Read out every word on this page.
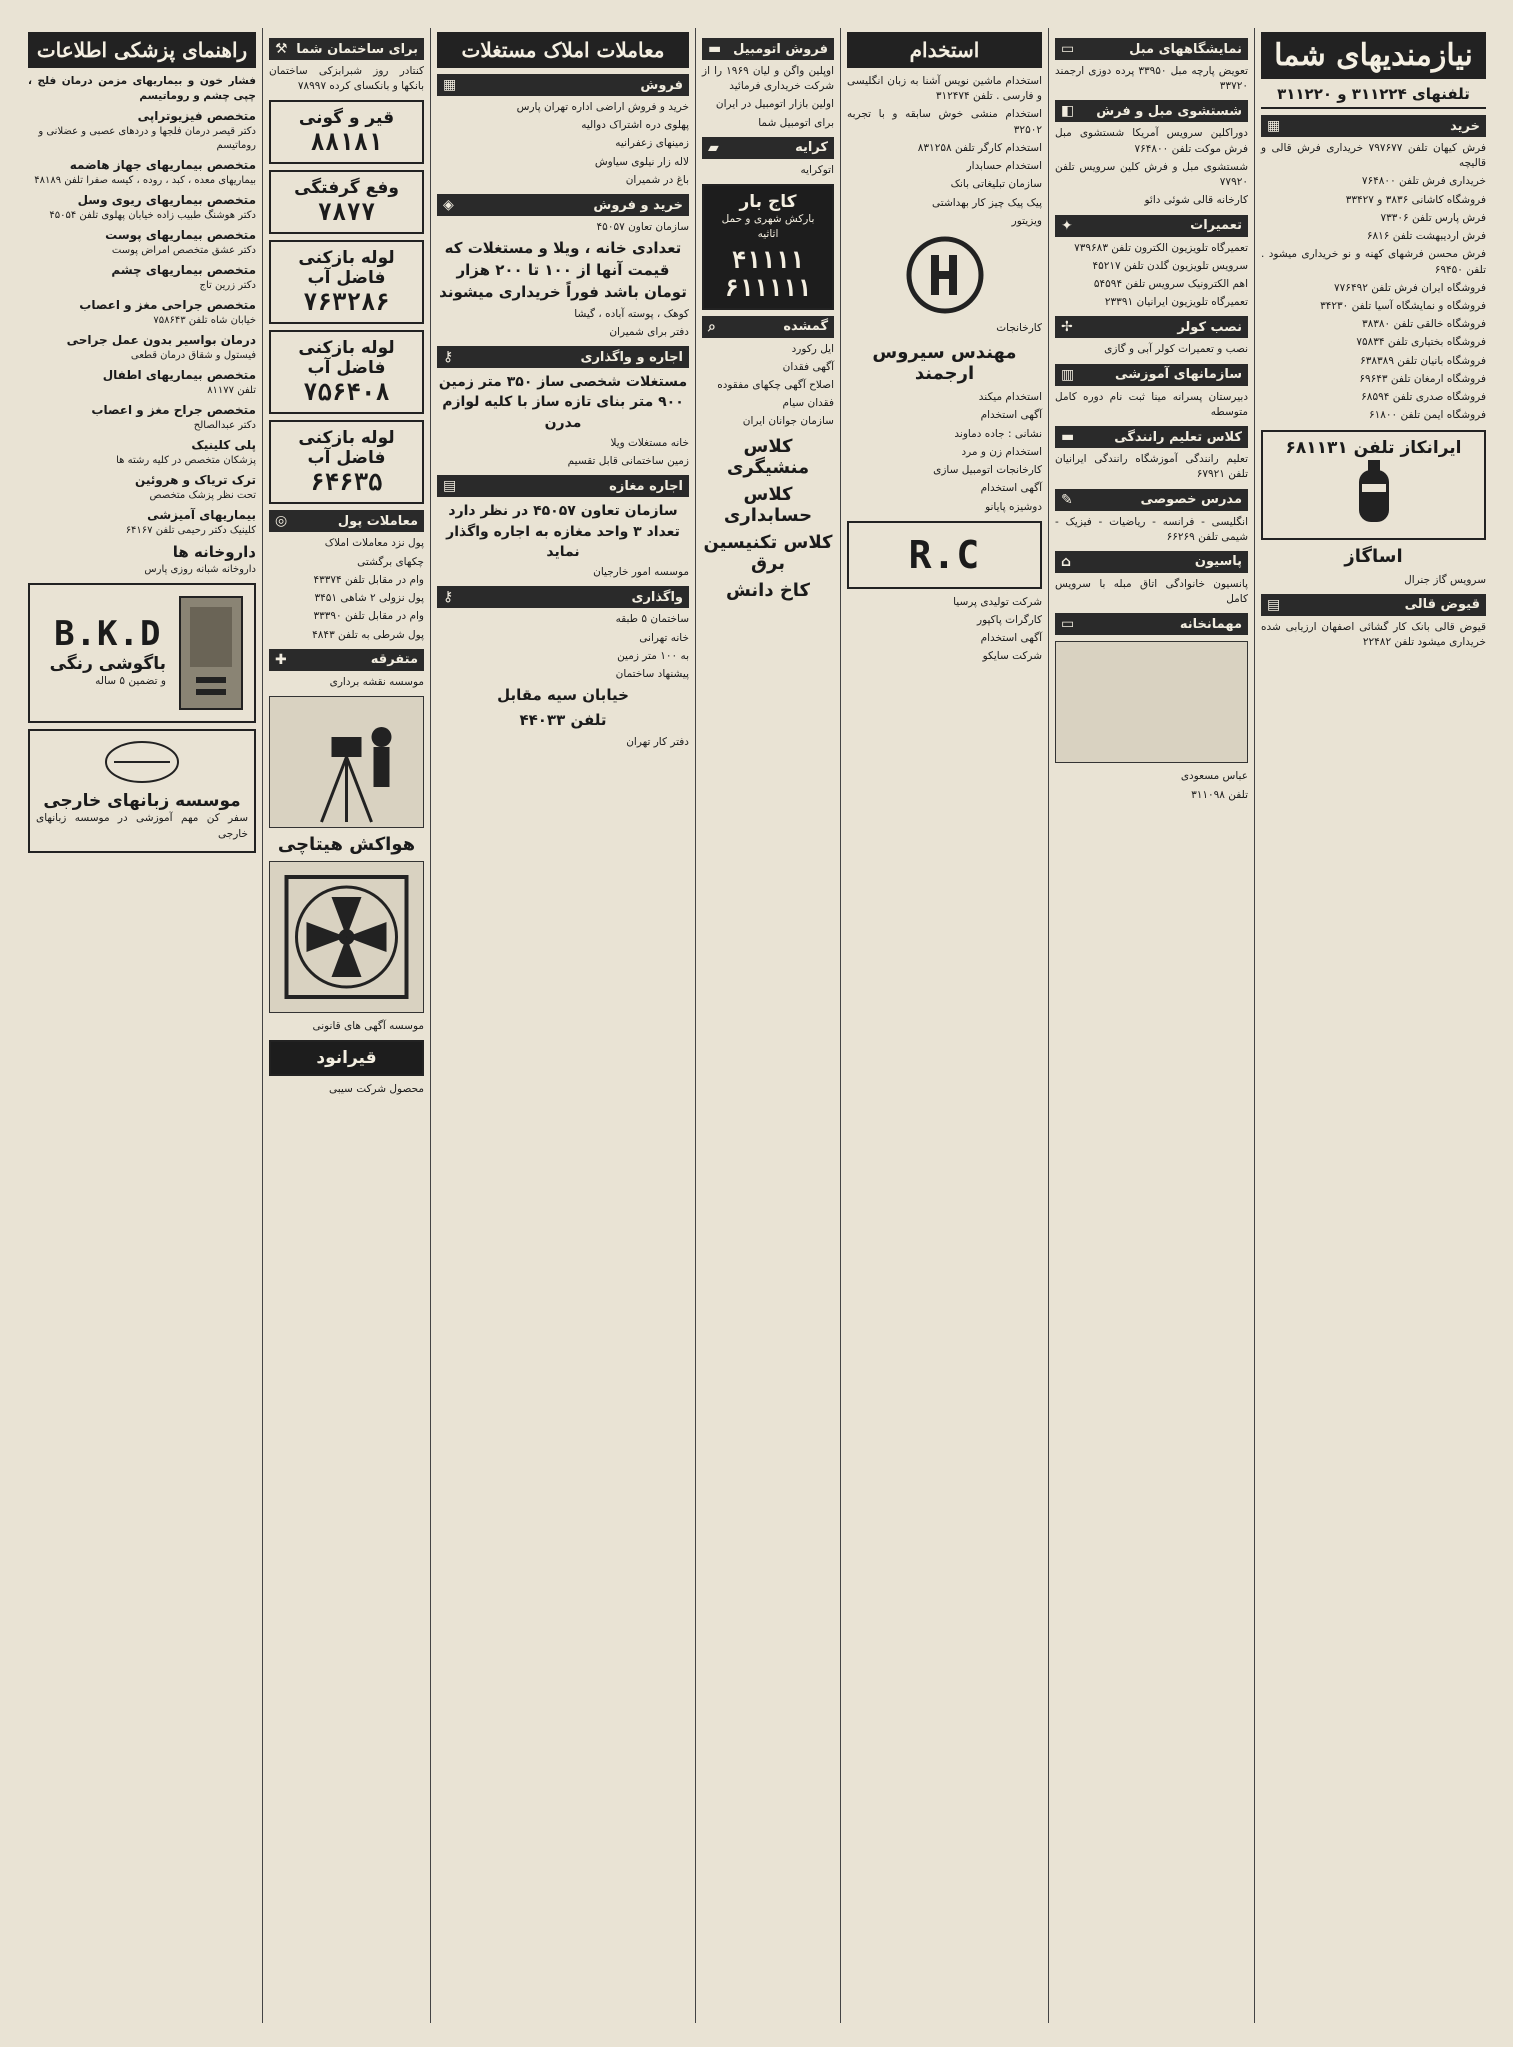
نیازمندیهای شما
تلفنهای ۳۱۱۲۲۴ و ۳۱۱۲۲۰
خرید
▦

فرش کیهان تلفن ۷۹۷۶۷۷ خریداری فرش قالی و قالیچه

خریداری فرش تلفن ۷۶۴۸۰۰

فروشگاه کاشانی ۳۸۳۶ و ۳۳۴۲۷

فرش پارس تلفن ۷۳۳۰۶

فرش اردیبهشت تلفن ۶۸۱۶

فرش محسن فرشهای کهنه و نو خریداری میشود . تلفن ۶۹۴۵۰

فروشگاه ایران فرش تلفن ۷۷۶۴۹۲

فروشگاه و نمایشگاه آسیا تلفن ۳۴۲۳۰

فروشگاه خالقی تلفن ۳۸۳۸۰

فروشگاه بختیاری تلفن ۷۵۸۳۴

فروشگاه بانیان تلفن ۶۳۸۳۸۹

فروشگاه ارمغان تلفن ۶۹۶۴۳

فروشگاه صدری تلفن ۶۸۵۹۴

فروشگاه ایمن تلفن ۶۱۸۰۰

ایرانکاز تلفن ۶۸۱۱۳۱
اساگاز

سرویس گاز جنرال

قیوض قالی
▤

قیوض قالی بانک کار گشائی اصفهان ارزیابی شده خریداری میشود تلفن ۲۲۴۸۲

نمایشگاههای مبل
▭

تعویض پارچه مبل ۳۳۹۵۰ پرده دوزی ارجمند ۳۳۷۲۰

شستشوی مبل و فرش
◧

دوراکلین سرویس آمریکا شستشوی مبل فرش موکت تلفن ۷۶۴۸۰۰

شستشوی مبل و فرش کلین سرویس تلفن ۷۷۹۲۰

کارخانه قالی شوئی دائو

تعمیرات
✦

تعمیرگاه تلویزیون الکترون تلفن ۷۳۹۶۸۳

سرویس تلویزیون گلدن تلفن ۴۵۲۱۷

اهم الکترونیک سرویس تلفن ۵۴۵۹۴

تعمیرگاه تلویزیون ایرانیان ۲۳۳۹۱

نصب کولر
✢

نصب و تعمیرات کولر آبی و گازی

سازمانهای آموزشی
▥

دبیرستان پسرانه مینا ثبت نام دوره کامل متوسطه

کلاس تعلیم رانندگی
▬

تعلیم رانندگی آموزشگاه رانندگی ایرانیان تلفن ۶۷۹۲۱

مدرس خصوصی
✎

انگلیسی - فرانسه - ریاضیات - فیزیک - شیمی تلفن ۶۶۲۶۹

پاسیون
⌂

پانسیون خانوادگی اتاق مبله با سرویس کامل

مهمانخانه
▭

عباس مسعودی

تلفن ۳۱۱۰۹۸

استخدام

استخدام ماشین نویس آشنا به زبان انگلیسی و فارسی . تلفن ۳۱۲۴۷۴

استخدام منشی خوش سابقه و با تجربه ۳۲۵۰۲

استخدام کارگر تلفن ۸۳۱۲۵۸

استخدام حسابدار

سازمان تبلیغاتی بانک

پیک پیک چیز کار بهداشتی

ویزیتور

کارخانجات

مهندس سیروس ارجمند

استخدام میکند

آگهی استخدام

نشانی : جاده دماوند

استخدام زن و مرد

کارخانجات اتومبیل سازی

آگهی استخدام

دوشیزه پایانو

R.C

شرکت تولیدی پرسیا

کارگرات پاکپور

آگهی استخدام

شرکت سایکو

فروش اتومبیل
▬

اوپلین واگن و لیان ۱۹۶۹ را از شرکت خریداری فرمائید

اولین بازار اتومبیل در ایران

برای اتومبیل شما

کرایه
▰

اتوکرایه

کاج بار
بارکش شهری و حمل اثاثیه
۴۱۱۱۱
۶۱۱۱۱۱
گمشده
⌕

ایل رکورد

آگهی فقدان

اصلاح آگهی چکهای مفقوده

فقدان سیام

سازمان جوانان ایران

کلاس منشیگری
کلاس حسابداری
کلاس تکنیسین برق
کاخ دانش
معاملات املاک مستغلات
فروش
▦

خرید و فروش اراضی اداره تهران پارس

پهلوی دره اشتراک دوالیه

زمینهای زعفرانیه

لاله زار نیلوی سیاوش

باغ در شمیران

خرید و فروش
◈

سازمان تعاون ۴۵۰۵۷

تعدادی خانه ، ویلا و مستغلات که قیمت آنها از ۱۰۰ تا ۲۰۰ هزار تومان باشد فوراً خریداری میشوند

کوهک ، پوسته آباده ، گیشا

دفتر برای شمیران

اجاره و واگذاری
⚷

مستغلات شخصی ساز ۳۵۰ متر زمین ۹۰۰ متر بنای تازه ساز با کلیه لوازم مدرن

خانه مستغلات ویلا

زمین ساختمانی قابل تقسیم

اجاره مغازه
▤

سازمان تعاون ۴۵۰۵۷ در نظر دارد تعداد ۳ واحد مغازه به اجاره واگذار نماید

موسسه امور خارجیان

واگذاری
⚷

ساختمان ۵ طبقه

خانه تهرانی

به ۱۰۰ متر زمین

پیشنهاد ساختمان

خیابان سیه مقابل

تلفن ۴۴۰۳۳

دفتر کار تهران

برای ساختمان شما
⚒

کنتادر روز شبرابزکی ساختمان بانکها و بانکسای کرده ۷۸۹۹۷

قیر و گونی
۸۸۱۸۱
وفع گرفتگی
۷۸۷۷
لوله بازکنی فاضل آب
۷۶۳۲۸۶
لوله بازکنی فاضل آب
۷۵۶۴۰۸
لوله بازکنی فاضل آب
۶۴۶۳۵
معاملات پول
◎

پول نزد معاملات املاک

چکهای برگشتی

وام در مقابل تلفن ۴۳۳۷۴

پول نزولی ۲ شاهی ۳۴۵۱

وام در مقابل تلفن ۳۳۳۹۰

پول شرطی به تلفن ۴۸۴۳

متفرقه
✚

موسسه نقشه برداری

هواکش هیتاچی

موسسه آگهی های قانونی

قیرانود

محصول شرکت سیبی

راهنمای پزشکی اطلاعات

فشار خون و بیماریهای مزمن درمان فلج ، چپی چشم و روماتیسم

متخصص فیزیوتراپی

دکتر قیصر درمان فلجها و دردهای عصبی و عضلانی و روماتیسم

متخصص بیماریهای جهاز هاضمه

بیماریهای معده ، کبد ، روده ، کیسه صفرا تلفن ۴۸۱۸۹

متخصص بیماریهای ریوی وسل

دکتر هوشنگ طبیب زاده خیابان پهلوی تلفن ۴۵۰۵۴

متخصص بیماریهای پوست

دکتر عشق متخصص امراض پوست

متخصص بیماریهای چشم

دکتر زرین تاج

متخصص جراحی مغز و اعصاب

خیابان شاه تلفن ۷۵۸۶۴۳

درمان بواسیر بدون عمل جراحی

فیستول و شقاق درمان قطعی

متخصص بیماریهای اطفال

تلفن ۸۱۱۷۷

متخصص جراح مغز و اعصاب

دکتر عبدالصالح

پلی کلینیک

پزشکان متخصص در کلیه رشته ها

ترک تریاک و هروئین

تحت نظر پزشک متخصص

بیماریهای آمیزشی

کلینیک دکتر رحیمی تلفن ۶۴۱۶۷

داروخانه ها

داروخانه شبانه روزی پارس

B.K.D
باگوشی رنگی
و تضمین ۵ ساله
موسسه زبانهای خارجی
سفر کن مهم آموزشی در موسسه زبانهای خارجی
